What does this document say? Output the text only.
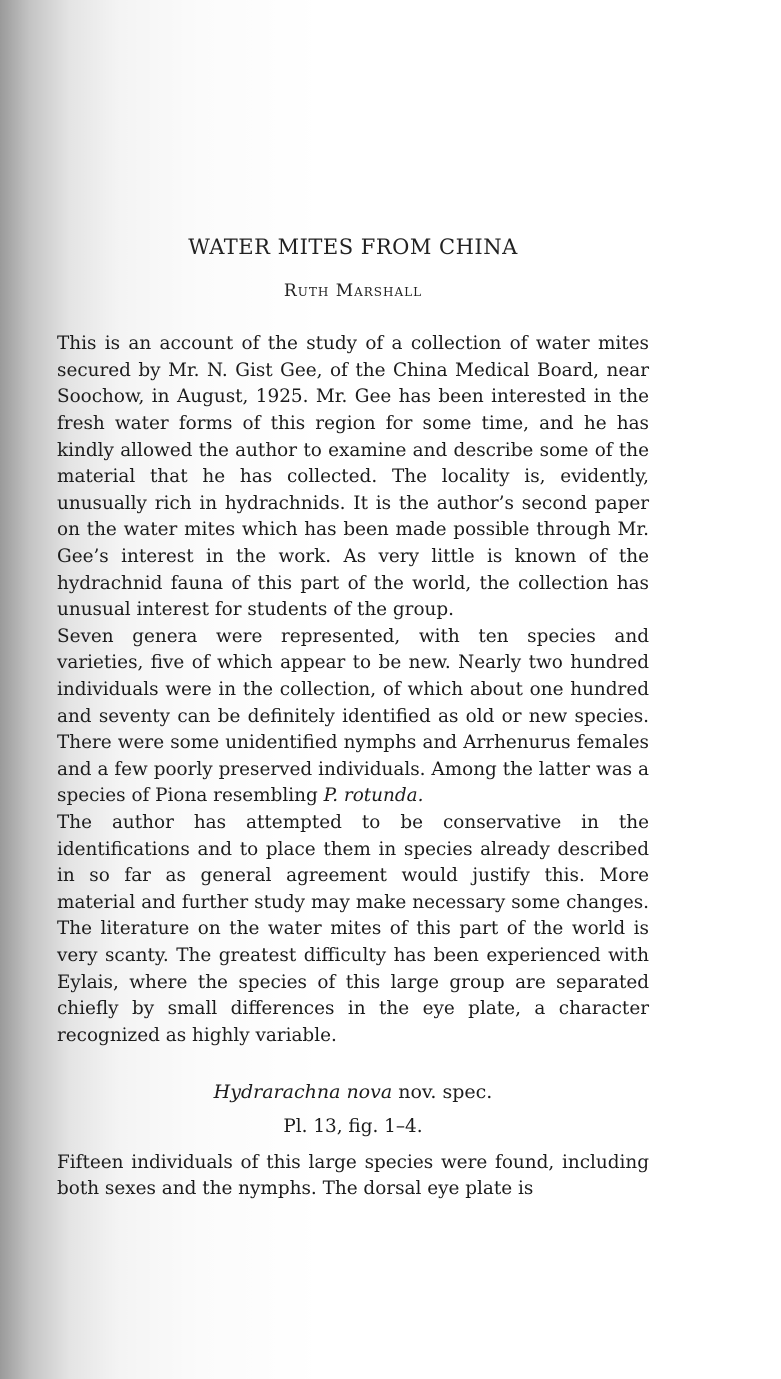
WATER MITES FROM CHINA
Ruth Marshall

This is an account of the study of a collection of water mites secured by Mr. N. Gist Gee, of the China Medical Board, near Soochow, in August, 1925. Mr. Gee has been interested in the fresh water forms of this region for some time, and he has kindly allowed the author to examine and describe some of the material that he has collected. The locality is, evidently, unusually rich in hydrachnids. It is the author’s second paper on the water mites which has been made possible through Mr. Gee’s interest in the work. As very little is known of the hydrachnid fauna of this part of the world, the collection has unusual interest for students of the group.

Seven genera were represented, with ten species and varieties, five of which appear to be new. Nearly two hundred individuals were in the collection, of which about one hundred and seventy can be definitely identified as old or new species. There were some unidentified nymphs and Arrhenurus females and a few poorly preserved individuals. Among the latter was a species of Piona resembling P. rotunda.

The author has attempted to be conservative in the identifications and to place them in species already described in so far as general agreement would justify this. More material and further study may make necessary some changes. The literature on the water mites of this part of the world is very scanty. The greatest difficulty has been experienced with Eylais, where the species of this large group are separated chiefly by small differences in the eye plate, a character recognized as highly variable.

Hydrarachna nova nov. spec.
Pl. 13, fig. 1–4.

Fifteen individuals of this large species were found, including both sexes and the nymphs. The dorsal eye plate is
